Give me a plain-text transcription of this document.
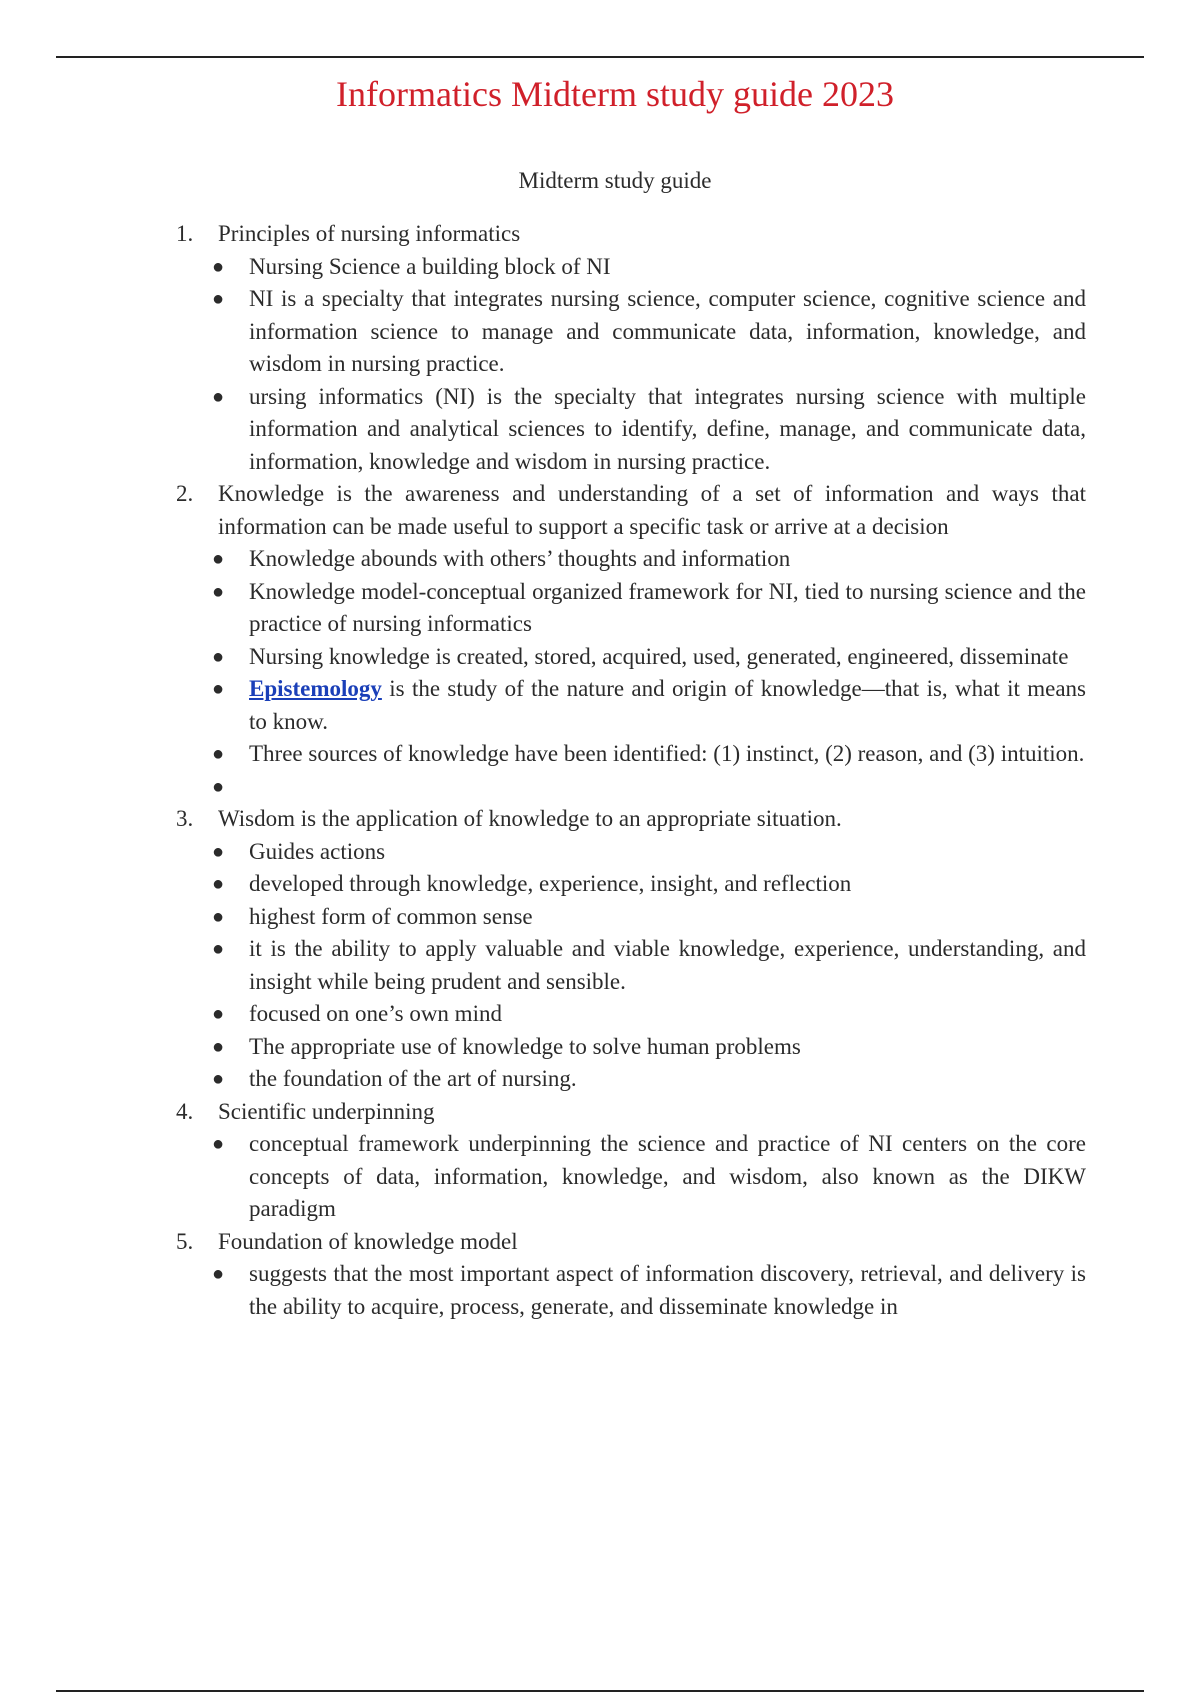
Informatics Midterm study guide 2023

Midterm study guide

1. Principles of nursing informatics
● Nursing Science a building block of NI
● NI is a specialty that integrates nursing science, computer science, cognitive science and information science to manage and communicate data, information, knowledge, and wisdom in nursing practice.
● ursing informatics (NI) is the specialty that integrates nursing science with multiple information and analytical sciences to identify, define, manage, and communicate data, information, knowledge and wisdom in nursing practice.
2. Knowledge is the awareness and understanding of a set of information and ways that information can be made useful to support a specific task or arrive at a decision
● Knowledge abounds with others’ thoughts and information
● Knowledge model-conceptual organized framework for NI, tied to nursing science and the practice of nursing informatics
● Nursing knowledge is created, stored, acquired, used, generated, engineered, disseminate
● Epistemology is the study of the nature and origin of knowledge—that is, what it means to know.
● Three sources of knowledge have been identified: (1) instinct, (2) reason, and (3) intuition.
●
3. Wisdom is the application of knowledge to an appropriate situation.
● Guides actions
● developed through knowledge, experience, insight, and reflection
● highest form of common sense
● it is the ability to apply valuable and viable knowledge, experience, understanding, and insight while being prudent and sensible.
● focused on one’s own mind
● The appropriate use of knowledge to solve human problems
● the foundation of the art of nursing.
4. Scientific underpinning
● conceptual framework underpinning the science and practice of NI centers on the core concepts of data, information, knowledge, and wisdom, also known as the DIKW paradigm
5. Foundation of knowledge model
● suggests that the most important aspect of information discovery, retrieval, and delivery is the ability to acquire, process, generate, and disseminate knowledge in
